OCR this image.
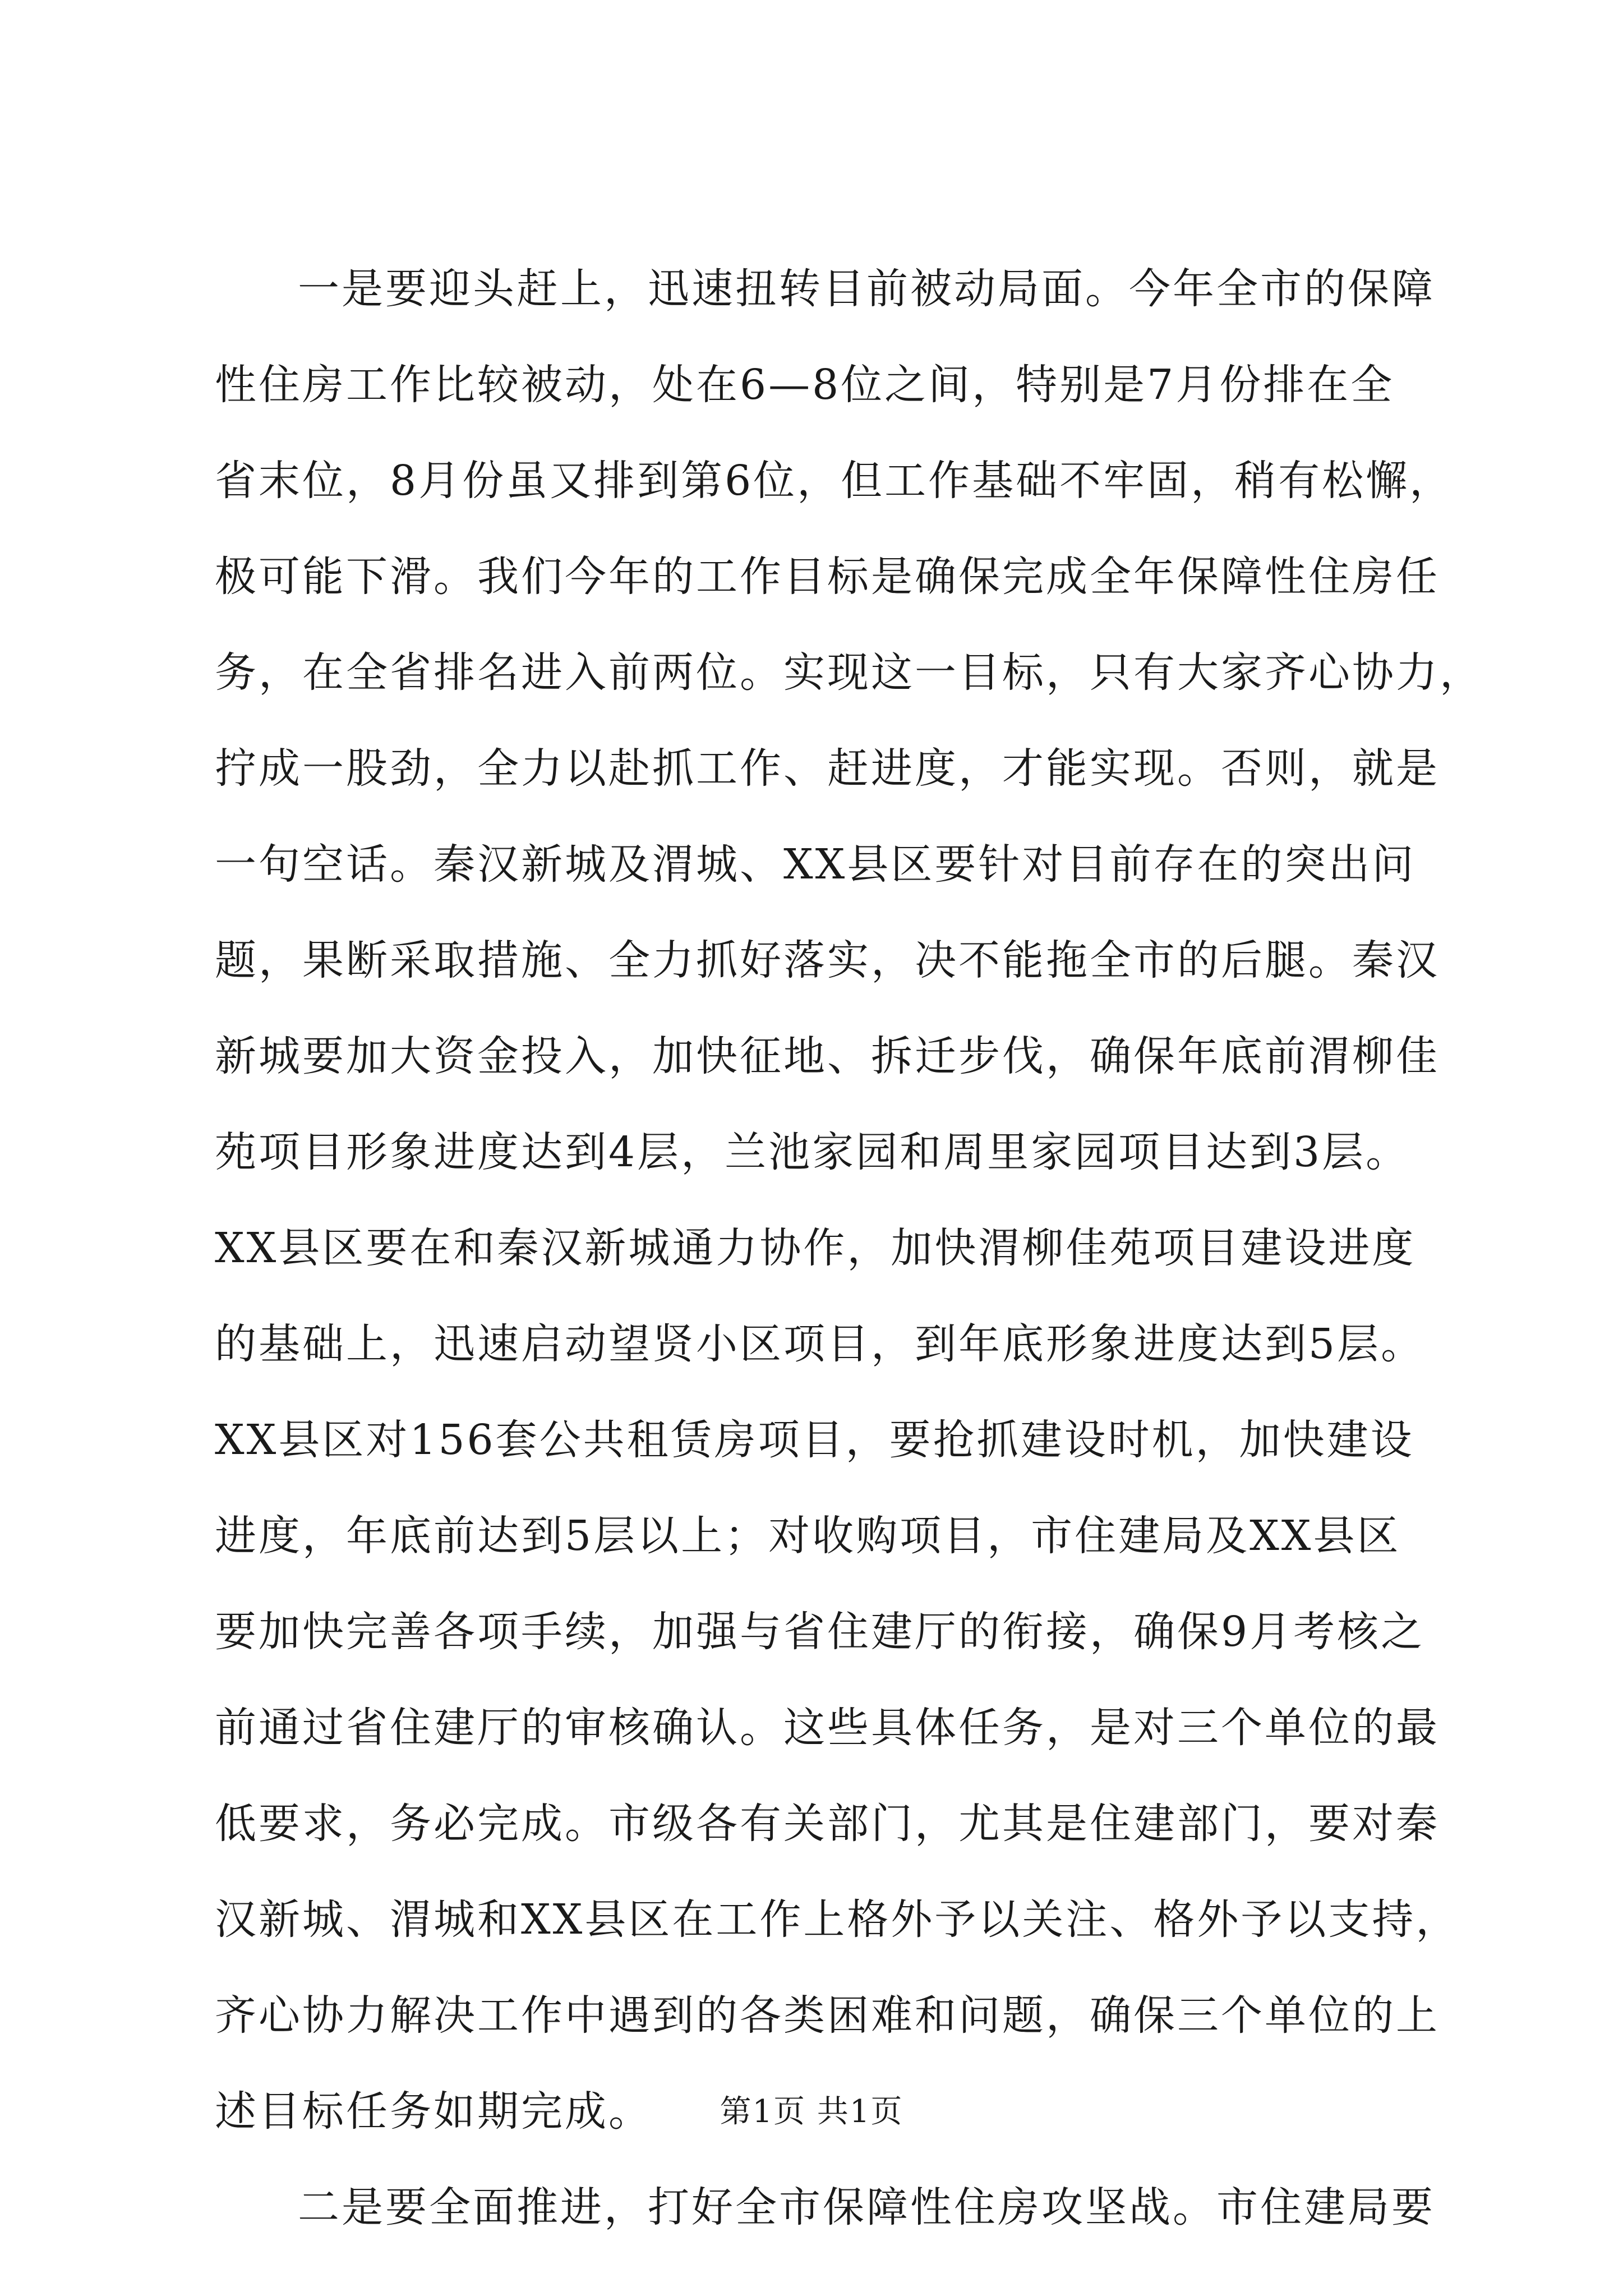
一是要迎头赶上，迅速扭转目前被动局面。今年全市的保障
性住房工作比较被动，处在6—8位之间，特别是7月份排在全
省末位，8月份虽又排到第6位，但工作基础不牢固，稍有松懈，
极可能下滑。我们今年的工作目标是确保完成全年保障性住房任
务，在全省排名进入前两位。实现这一目标，只有大家齐心协力，
拧成一股劲，全力以赴抓工作、赶进度，才能实现。否则，就是
一句空话。秦汉新城及渭城、XX县区要针对目前存在的突出问
题，果断采取措施、全力抓好落实，决不能拖全市的后腿。秦汉
新城要加大资金投入，加快征地、拆迁步伐，确保年底前渭柳佳
苑项目形象进度达到4层，兰池家园和周里家园项目达到3层。
XX县区要在和秦汉新城通力协作，加快渭柳佳苑项目建设进度
的基础上，迅速启动望贤小区项目，到年底形象进度达到5层。
XX县区对156套公共租赁房项目，要抢抓建设时机，加快建设
进度，年底前达到5层以上；对收购项目，市住建局及XX县区
要加快完善各项手续，加强与省住建厅的衔接，确保9月考核之
前通过省住建厅的审核确认。这些具体任务，是对三个单位的最
低要求，务必完成。市级各有关部门，尤其是住建部门，要对秦
汉新城、渭城和XX县区在工作上格外予以关注、格外予以支持，
齐心协力解决工作中遇到的各类困难和问题，确保三个单位的上
述目标任务如期完成。
二是要全面推进，打好全市保障性住房攻坚战。市住建局要
第1页 共1页
